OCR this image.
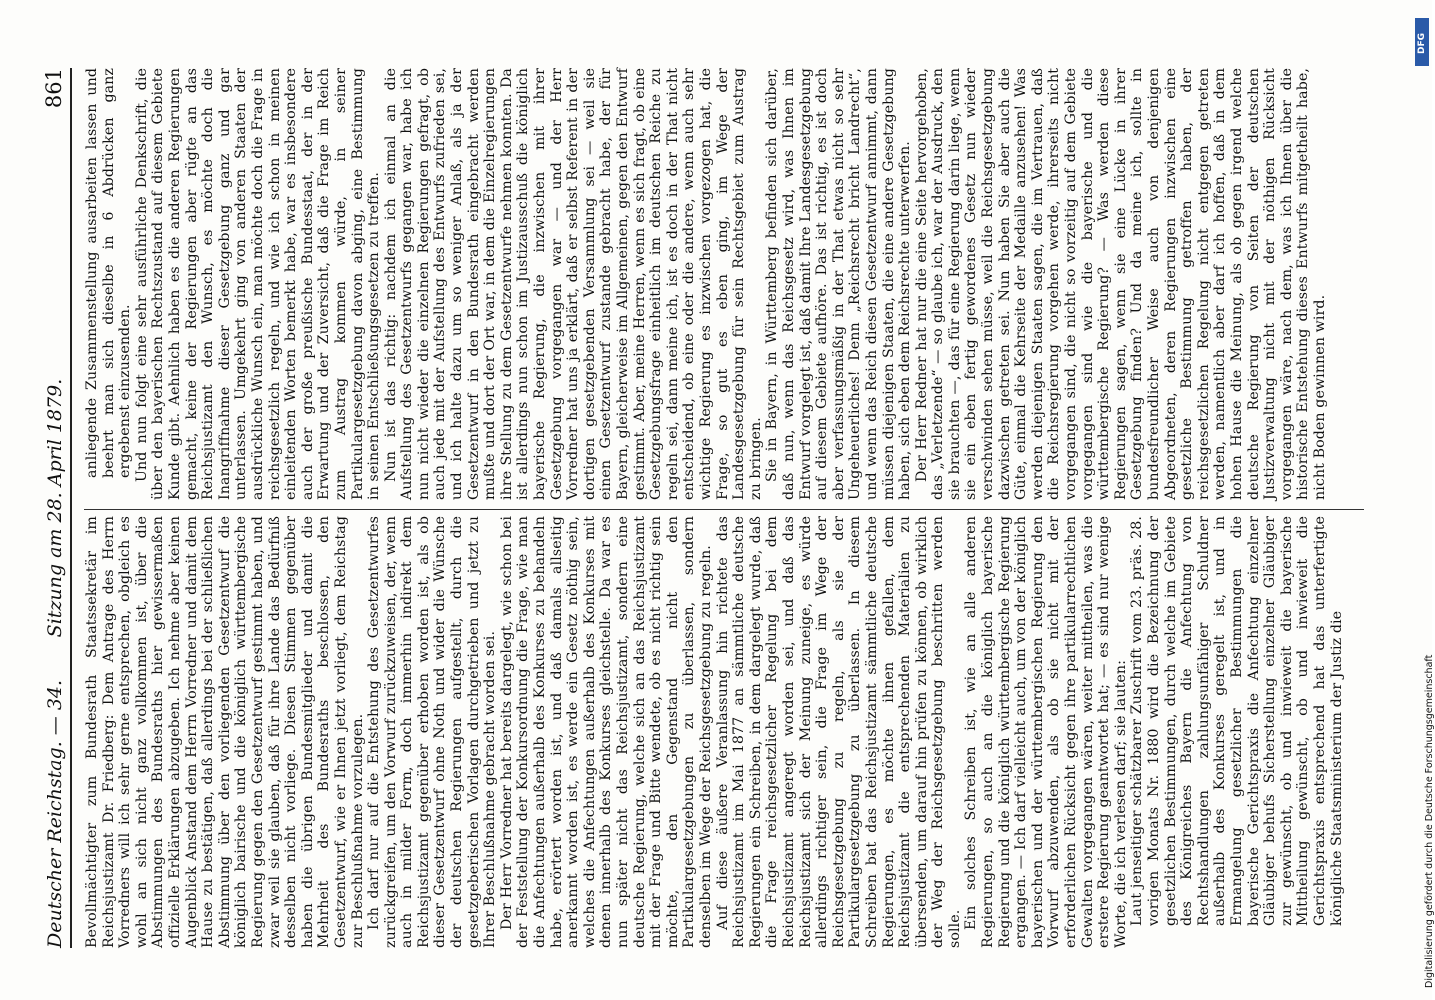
Deutscher Reichstag. — 34.
Sitzung am 28. April 1879.
861

Bevollmächtigter zum Bundesrath Staatssekretär im Reichsjustizamt Dr. Friedberg: Dem Antrage des Herrn Vorredners will ich sehr gerne entsprechen, obgleich es wohl an sich nicht ganz vollkommen ist, über die Abstimmungen des Bundesraths hier gewissermaßen offizielle Erklärungen abzugeben. Ich nehme aber keinen Augenblick Anstand dem Herrn Vorredner und damit dem Hause zu bestätigen, daß allerdings bei der schließlichen Abstimmung über den vorliegenden Gesetzentwurf die königlich bairische und die königlich württembergische Regierung gegen den Gesetzentwurf gestimmt haben, und zwar weil sie glauben, daß für ihre Lande das Bedürfniß desselben nicht vorliege. Diesen Stimmen gegenüber haben die übrigen Bundesmitglieder und damit die Mehrheit des Bundesraths beschlossen, den Gesetzentwurf, wie er Ihnen jetzt vorliegt, dem Reichstag zur Beschlußnahme vorzulegen. Ich darf nur auf die Entstehung des Gesetzentwurfes zurückgreifen, um den Vorwurf zurückzuweisen, der, wenn auch in milder Form, doch immerhin indirekt dem Reichsjustizamt gegenüber erhoben worden ist, als ob dieser Gesetzentwurf ohne Noth und wider die Wünsche der deutschen Regierungen aufgestellt, durch die gesetzgeberischen Vorlagen durchgetrieben und jetzt zu Ihrer Beschlußnahme gebracht worden sei. Der Herr Vorredner hat bereits dargelegt, wie schon bei der Feststellung der Konkursordnung die Frage, wie man die Anfechtungen außerhalb des Konkurses zu behandeln habe, erörtert worden ist, und daß damals allseitig anerkannt worden ist, es werde ein Gesetz nöthig sein, welches die Anfechtungen außerhalb des Konkurses mit denen innerhalb des Konkurses gleichstelle. Da war es nun später nicht das Reichsjustizamt, sondern eine deutsche Regierung, welche sich an das Reichsjustizamt mit der Frage und Bitte wendete, ob es nicht richtig sein möchte, den Gegenstand nicht den Partikulargesetzgebungen zu überlassen, sondern denselben im Wege der Reichsgesetzgebung zu regeln. Auf diese äußere Veranlassung hin richtete das Reichsjustizamt im Mai 1877 an sämmtliche deutsche Regierungen ein Schreiben, in dem dargelegt wurde, daß die Frage reichsgesetzlicher Regelung bei dem Reichsjustizamt angeregt worden sei, und daß das Reichsjustizamt sich der Meinung zuneige, es würde allerdings richtiger sein, die Frage im Wege der Reichsgesetzgebung zu regeln, als sie der Partikulargesetzgebung zu überlassen. In diesem Schreiben bat das Reichsjustizamt sämmtliche deutsche Regierungen, es möchte ihnen gefallen, dem Reichsjustizamt die entsprechenden Materialien zu übersenden, um darauf hin prüfen zu können, ob wirklich der Weg der Reichsgesetzgebung beschritten werden solle. Ein solches Schreiben ist, wie an alle anderen Regierungen, so auch an die königlich bayerische Regierung und die königlich württembergische Regierung ergangen. — Ich darf vielleicht auch, um von der königlich bayerischen und der württembergischen Regierung den Vorwurf abzuwenden, als ob sie nicht mit der erforderlichen Rücksicht gegen ihre partikularrechtlichen Gewalten vorgegangen wären, weiter mittheilen, was die erstere Regierung geantwortet hat; — es sind nur wenige Worte, die ich verlesen darf; sie lauten: Laut jenseitiger schätzbarer Zuschrift vom 23. präs. 28. vorigen Monats Nr. 1880 wird die Bezeichnung der gesetzlichen Bestimmungen, durch welche im Gebiete des Königreiches Bayern die Anfechtung von Rechtshandlungen zahlungsunfähiger Schuldner außerhalb des Konkurses geregelt ist, und in Ermangelung gesetzlicher Bestimmungen die bayerische Gerichtspraxis die Anfechtung einzelner Gläubiger behufs Sicherstellung einzelner Gläubiger zur gewünscht, ob und inwieweit die bayerische Mittheilung gewünscht, ob und inwieweit die Gerichtspraxis entsprechend hat das unterfertigte königliche Staatsministerium der Justiz die

anliegende Zusammenstellung ausarbeiten lassen und beehrt man sich dieselbe in 6 Abdrücken ganz ergebenst einzusenden. Und nun folgt eine sehr ausführliche Denkschrift, die über den bayerischen Rechtszustand auf diesem Gebiete Kunde gibt. Aehnlich haben es die anderen Regierungen gemacht, keine der Regierungen aber rügte an das Reichsjustizamt den Wunsch, es möchte doch die Inangriffnahme dieser Gesetzgebung ganz und gar unterlassen. Umgekehrt ging von anderen Staaten der ausdrückliche Wunsch ein, man möchte doch die Frage in reichsgesetzlich regeln, und wie ich schon in meinen einleitenden Worten bemerkt habe, war es insbesondere auch der große preußische Bundesstaat, der in der Erwartung und der Zuversicht, daß die Frage im Reich zum Austrag kommen würde, in seiner Partikulargesetzgebung davon abging, eine Bestimmung in seinen Entschließungsgesetzen zu treffen. Nun ist das richtig: nachdem ich einmal an die Aufstellung des Gesetzentwurfs gegangen war, habe ich nun nicht wieder die einzelnen Regierungen gefragt, ob auch jede mit der Aufstellung des Entwurfs zufrieden sei, und ich halte dazu um so weniger Anlaß, als ja der Gesetzentwurf in den Bundesrath eingebracht werden mußte und dort der Ort war, in dem die Einzelregierungen ihre Stellung zu dem Gesetzentwurfe nehmen konnten. Da ist allerdings nun schon im Justizausschuß die königlich bayerische Regierung, die inzwischen mit ihrer Gesetzgebung vorgegangen war — und der Herr Vorredner hat uns ja erklärt, daß er selbst Referent in der dortigen gesetzgebenden Versammlung sei — weil sie einen Gesetzentwurf zustande gebracht habe, der für Bayern, gleicherweise im Allgemeinen, gegen den Entwurf gestimmt. Aber, meine Herren, wenn es sich fragt, ob eine Gesetzgebungsfrage einheitlich im deutschen Reiche zu regeln sei, dann meine ich, ist es doch in der That nicht entscheidend, ob eine oder die andere, wenn auch sehr wichtige Regierung es inzwischen vorgezogen hat, die Frage, so gut es eben ging, im Wege der Landesgesetzgebung für sein Rechtsgebiet zum Austrag zu bringen. Sie in Bayern, in Württemberg befinden sich darüber, daß nun, wenn das Reichsgesetz wird, was Ihnen im Entwurf vorgelegt ist, daß damit Ihre Landesgesetzgebung auf diesem Gebiete aufhöre. Das ist richtig, es ist doch aber verfassungsmäßig in der That etwas nicht so sehr Ungeheuerliches! Denn „Reichsrecht bricht Landrecht“, und wenn das Reich diesen Gesetzentwurf annimmt, dann müssen diejenigen Staaten, die eine andere Gesetzgebung haben, sich eben dem Reichsrechte unterwerfen. Der Herr Redner hat nur die eine Seite hervorgehoben, das „Verletzende“ — so glaube ich, war der Ausdruck, den sie brauchten —, das für eine Regierung darin liege, wenn sie ein eben fertig gewordenes Gesetz nun wieder verschwinden sehen müsse, weil die Reichsgesetzgebung dazwischen getreten sei. Nun haben Sie aber auch die Güte, einmal die Kehrseite der Medaille anzusehen! Was werden diejenigen Staaten sagen, die im Vertrauen, daß die Reichsregierung vorgehen werde, ihrerseits nicht vorgegangen sind, die nicht so vorzeitig auf dem Gebiete vorgegangen sind wie die bayerische und die württembergische Regierung? — Was werden diese Regierungen sagen, wenn sie eine Lücke in ihrer Gesetzgebung finden? Und da meine ich, sollte in bundesfreundlicher Weise auch von denjenigen Abgeordneten, deren Regierungen inzwischen eine gesetzliche Bestimmung getroffen haben, der reichsgesetzlichen Regelung nicht entgegen getreten werden, namentlich aber darf ich hoffen, daß in dem hohen Hause die Meinung, als ob gegen irgend welche deutsche Regierung von Seiten der deutschen Justizverwaltung nicht mit der nöthigen Rücksicht vorgegangen wäre, nach dem, was ich Ihnen über die historische Entstehung dieses Entwurfs mitgetheilt habe, nicht Boden gewinnen wird.

DFG
Digitalisierung gefördert durch die Deutsche Forschungsgemeinschaft
